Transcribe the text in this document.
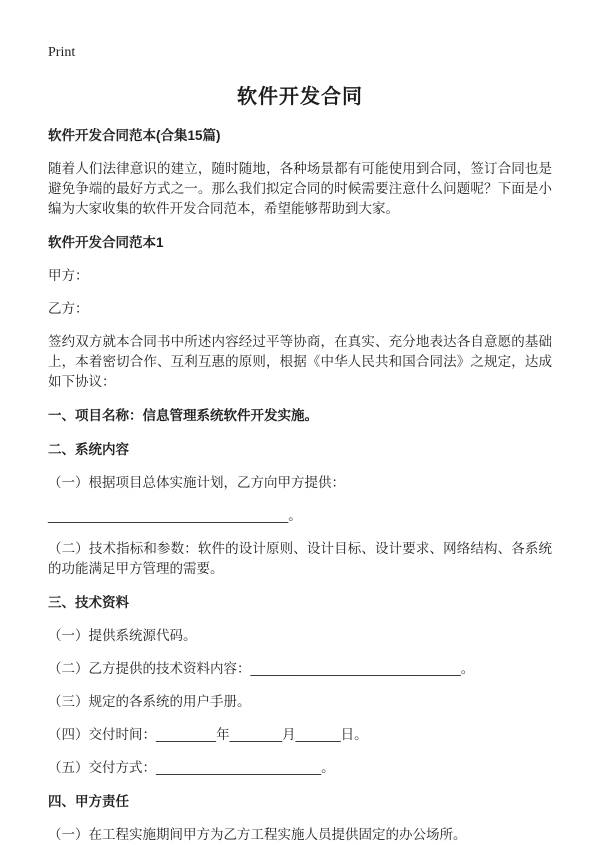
Print
软件开发合同
软件开发合同范本(合集15篇)

随着人们法律意识的建立，随时随地，各种场景都有可能使用到合同，签订合同也是避免争端的最好方式之一。那么我们拟定合同的时候需要注意什么问题呢？下面是小编为大家收集的软件开发合同范本，希望能够帮助到大家。

软件开发合同范本1

甲方：

乙方：

签约双方就本合同书中所述内容经过平等协商，在真实、充分地表达各自意愿的基础上，本着密切合作、互利互惠的原则，根据《中华人民共和国合同法》之规定，达成如下协议：

一、项目名称：信息管理系统软件开发实施。
二、系统内容

（一）根据项目总体实施计划，乙方向甲方提供：

________________________________。

（二）技术指标和参数：软件的设计原则、设计目标、设计要求、网络结构、各系统的功能满足甲方管理的需要。

三、技术资料

（一）提供系统源代码。

（二）乙方提供的技术资料内容：____________________________。

（三）规定的各系统的用户手册。

（四）交付时间：________年_______月______日。

（五）交付方式：______________________。

四、甲方责任

（一）在工程实施期间甲方为乙方工程实施人员提供固定的办公场所。
